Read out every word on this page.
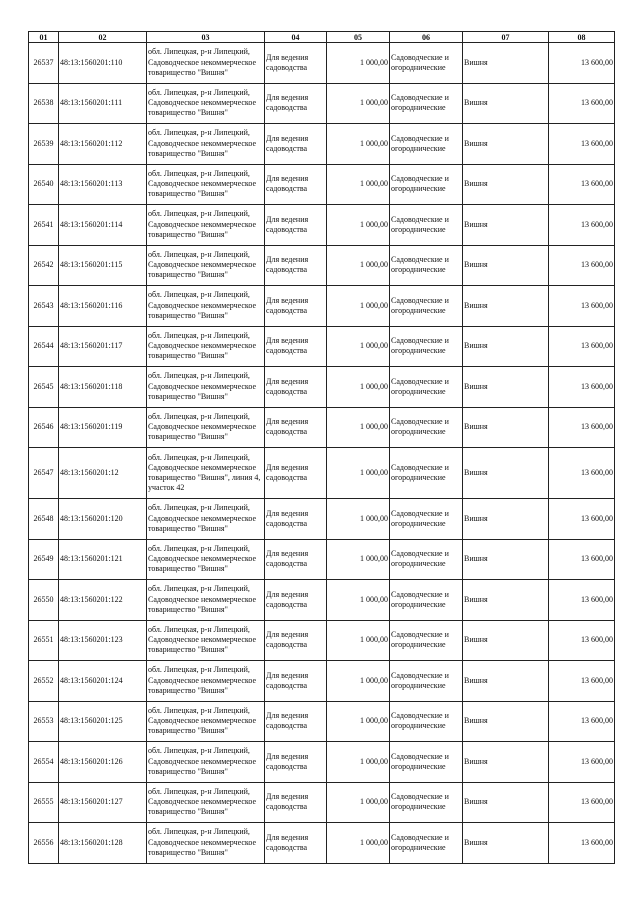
01	02	03	04	05	06	07	08
26537	48:13:1560201:110	обл. Липецкая, р-н Липецкий, Садоводческое некоммерческое товарищество "Вишня"	Для ведения садоводства	1 000,00	Садоводческие и огороднические	Вишня	13 600,00
26538	48:13:1560201:111	обл. Липецкая, р-н Липецкий, Садоводческое некоммерческое товарищество "Вишня"	Для ведения садоводства	1 000,00	Садоводческие и огороднические	Вишня	13 600,00
26539	48:13:1560201:112	обл. Липецкая, р-н Липецкий, Садоводческое некоммерческое товарищество "Вишня"	Для ведения садоводства	1 000,00	Садоводческие и огороднические	Вишня	13 600,00
26540	48:13:1560201:113	обл. Липецкая, р-н Липецкий, Садоводческое некоммерческое товарищество "Вишня"	Для ведения садоводства	1 000,00	Садоводческие и огороднические	Вишня	13 600,00
26541	48:13:1560201:114	обл. Липецкая, р-н Липецкий, Садоводческое некоммерческое товарищество "Вишня"	Для ведения садоводства	1 000,00	Садоводческие и огороднические	Вишня	13 600,00
26542	48:13:1560201:115	обл. Липецкая, р-н Липецкий, Садоводческое некоммерческое товарищество "Вишня"	Для ведения садоводства	1 000,00	Садоводческие и огороднические	Вишня	13 600,00
26543	48:13:1560201:116	обл. Липецкая, р-н Липецкий, Садоводческое некоммерческое товарищество "Вишня"	Для ведения садоводства	1 000,00	Садоводческие и огороднические	Вишня	13 600,00
26544	48:13:1560201:117	обл. Липецкая, р-н Липецкий, Садоводческое некоммерческое товарищество "Вишня"	Для ведения садоводства	1 000,00	Садоводческие и огороднические	Вишня	13 600,00
26545	48:13:1560201:118	обл. Липецкая, р-н Липецкий, Садоводческое некоммерческое товарищество "Вишня"	Для ведения садоводства	1 000,00	Садоводческие и огороднические	Вишня	13 600,00
26546	48:13:1560201:119	обл. Липецкая, р-н Липецкий, Садоводческое некоммерческое товарищество "Вишня"	Для ведения садоводства	1 000,00	Садоводческие и огороднические	Вишня	13 600,00
26547	48:13:1560201:12	обл. Липецкая, р-н Липецкий, Садоводческое некоммерческое товарищество "Вишня", линия 4, участок 42	Для ведения садоводства	1 000,00	Садоводческие и огороднические	Вишня	13 600,00
26548	48:13:1560201:120	обл. Липецкая, р-н Липецкий, Садоводческое некоммерческое товарищество "Вишня"	Для ведения садоводства	1 000,00	Садоводческие и огороднические	Вишня	13 600,00
26549	48:13:1560201:121	обл. Липецкая, р-н Липецкий, Садоводческое некоммерческое товарищество "Вишня"	Для ведения садоводства	1 000,00	Садоводческие и огороднические	Вишня	13 600,00
26550	48:13:1560201:122	обл. Липецкая, р-н Липецкий, Садоводческое некоммерческое товарищество "Вишня"	Для ведения садоводства	1 000,00	Садоводческие и огороднические	Вишня	13 600,00
26551	48:13:1560201:123	обл. Липецкая, р-н Липецкий, Садоводческое некоммерческое товарищество "Вишня"	Для ведения садоводства	1 000,00	Садоводческие и огороднические	Вишня	13 600,00
26552	48:13:1560201:124	обл. Липецкая, р-н Липецкий, Садоводческое некоммерческое товарищество "Вишня"	Для ведения садоводства	1 000,00	Садоводческие и огороднические	Вишня	13 600,00
26553	48:13:1560201:125	обл. Липецкая, р-н Липецкий, Садоводческое некоммерческое товарищество "Вишня"	Для ведения садоводства	1 000,00	Садоводческие и огороднические	Вишня	13 600,00
26554	48:13:1560201:126	обл. Липецкая, р-н Липецкий, Садоводческое некоммерческое товарищество "Вишня"	Для ведения садоводства	1 000,00	Садоводческие и огороднические	Вишня	13 600,00
26555	48:13:1560201:127	обл. Липецкая, р-н Липецкий, Садоводческое некоммерческое товарищество "Вишня"	Для ведения садоводства	1 000,00	Садоводческие и огороднические	Вишня	13 600,00
26556	48:13:1560201:128	обл. Липецкая, р-н Липецкий, Садоводческое некоммерческое товарищество "Вишня"	Для ведения садоводства	1 000,00	Садоводческие и огороднические	Вишня	13 600,00
